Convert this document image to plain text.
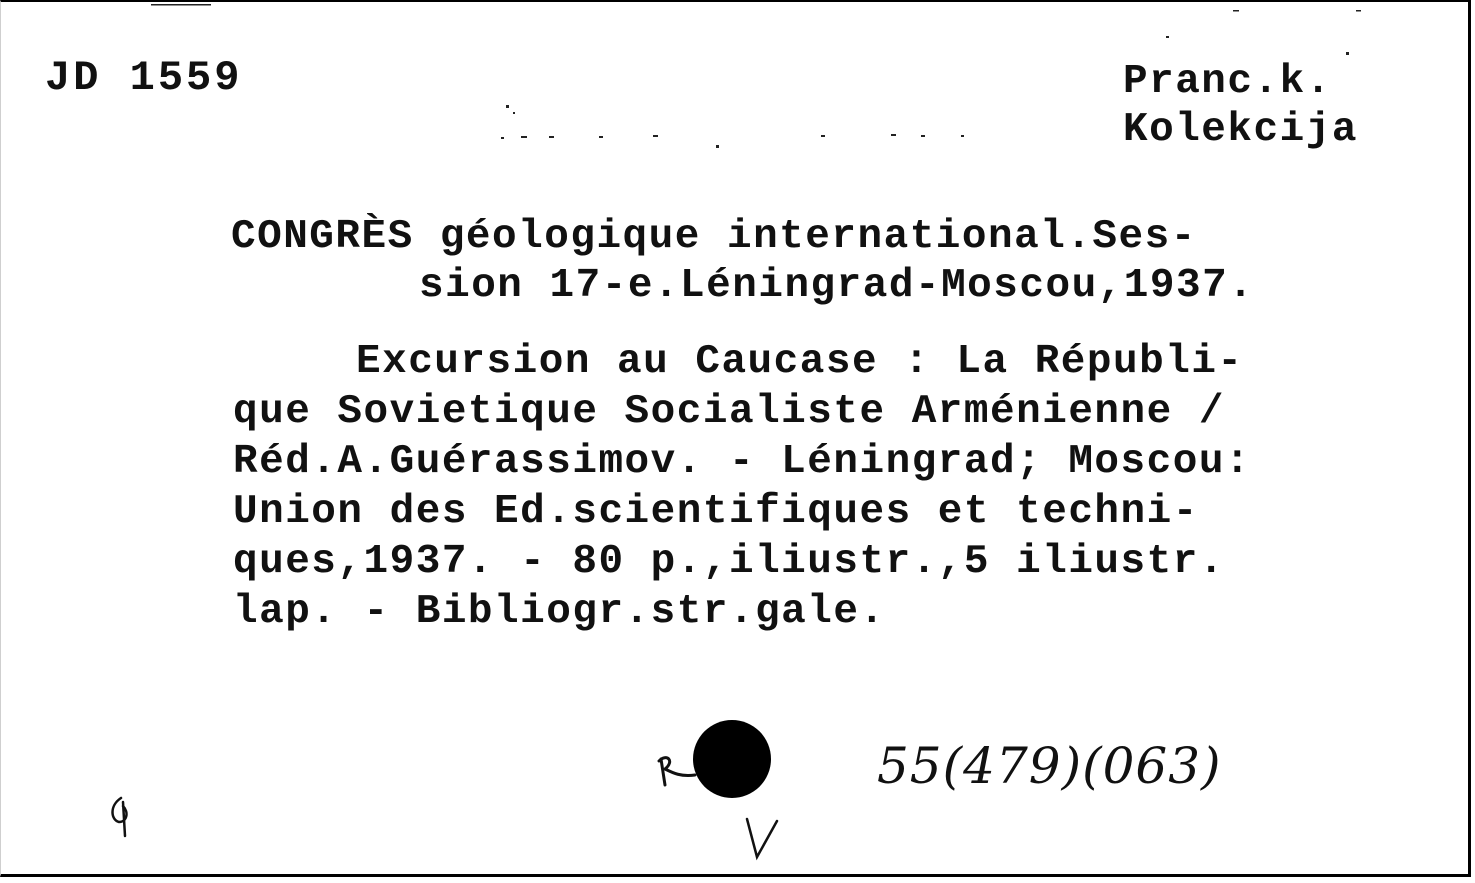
JD 1559	Pranc.k.
Kolekcija
CONGRÈS géologique international.Ses-
sion 17-e.Léningrad-Moscou,1937.
Excursion au Caucase : La Républi-
que Sovietique Socialiste Arménienne /
Réd.A.Guérassimov. - Léningrad; Moscou:
Union des Ed.scientifiques et techni-
ques,1937. - 80 p.,iliustr.,5 iliustr.
lap. - Bibliogr.str.gale.
55(479)(063)
